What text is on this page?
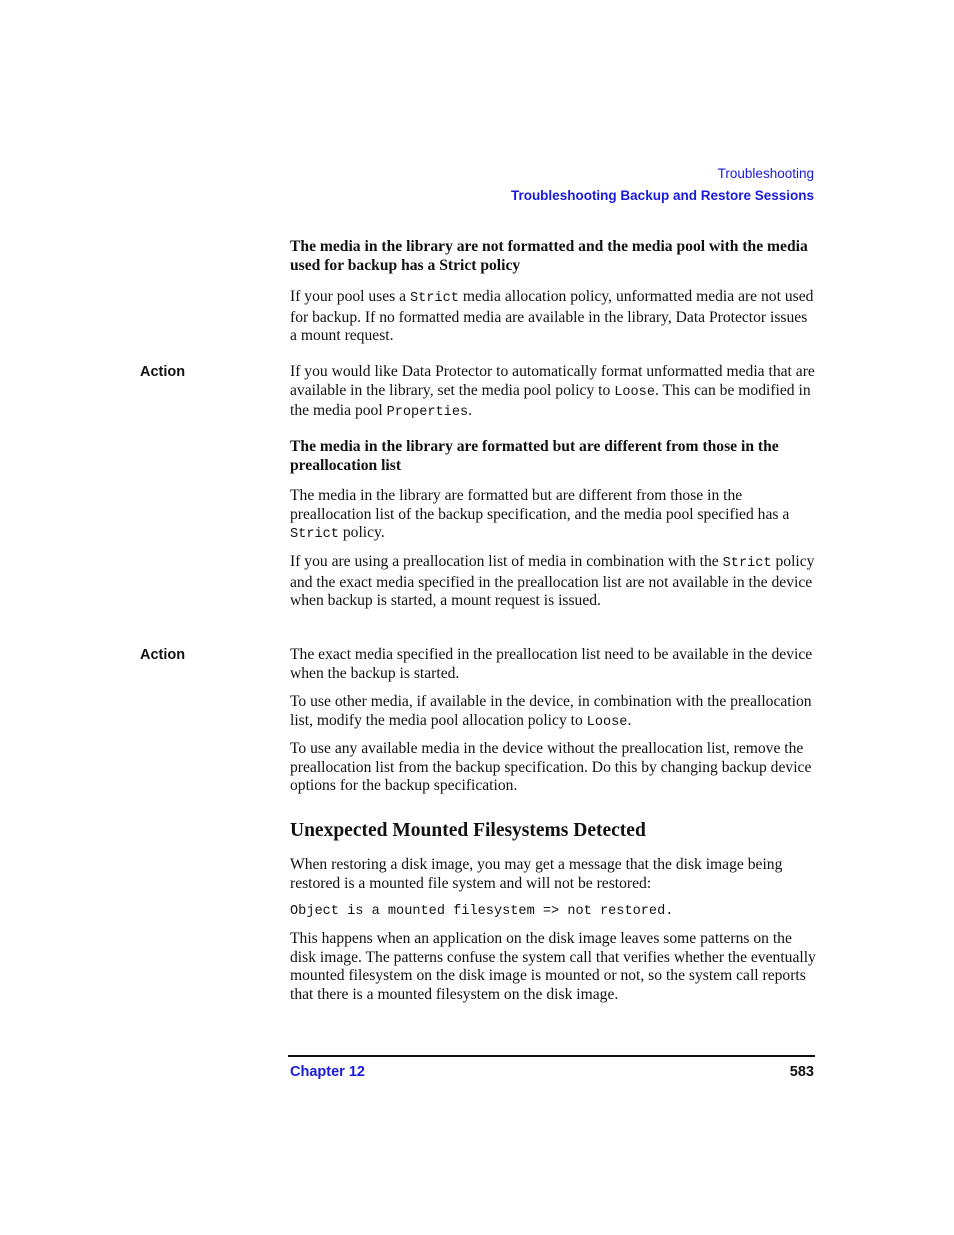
Troubleshooting
Troubleshooting Backup and Restore Sessions

The media in the library are not formatted and the media pool with the media used for backup has a Strict policy

If your pool uses a Strict media allocation policy, unformatted media are not used for backup. If no formatted media are available in the library, Data Protector issues a mount request.

Action	If you would like Data Protector to automatically format unformatted media that are available in the library, set the media pool policy to Loose. This can be modified in the media pool Properties.

The media in the library are formatted but are different from those in the preallocation list

The media in the library are formatted but are different from those in the preallocation list of the backup specification, and the media pool specified has a Strict policy.

If you are using a preallocation list of media in combination with the Strict policy and the exact media specified in the preallocation list are not available in the device when backup is started, a mount request is issued.

Action	The exact media specified in the preallocation list need to be available in the device when the backup is started.

To use other media, if available in the device, in combination with the preallocation list, modify the media pool allocation policy to Loose.

To use any available media in the device without the preallocation list, remove the preallocation list from the backup specification. Do this by changing backup device options for the backup specification.

Unexpected Mounted Filesystems Detected

When restoring a disk image, you may get a message that the disk image being restored is a mounted file system and will not be restored:

Object is a mounted filesystem => not restored.

This happens when an application on the disk image leaves some patterns on the disk image. The patterns confuse the system call that verifies whether the eventually mounted filesystem on the disk image is mounted or not, so the system call reports that there is a mounted filesystem on the disk image.

Chapter 12	583
